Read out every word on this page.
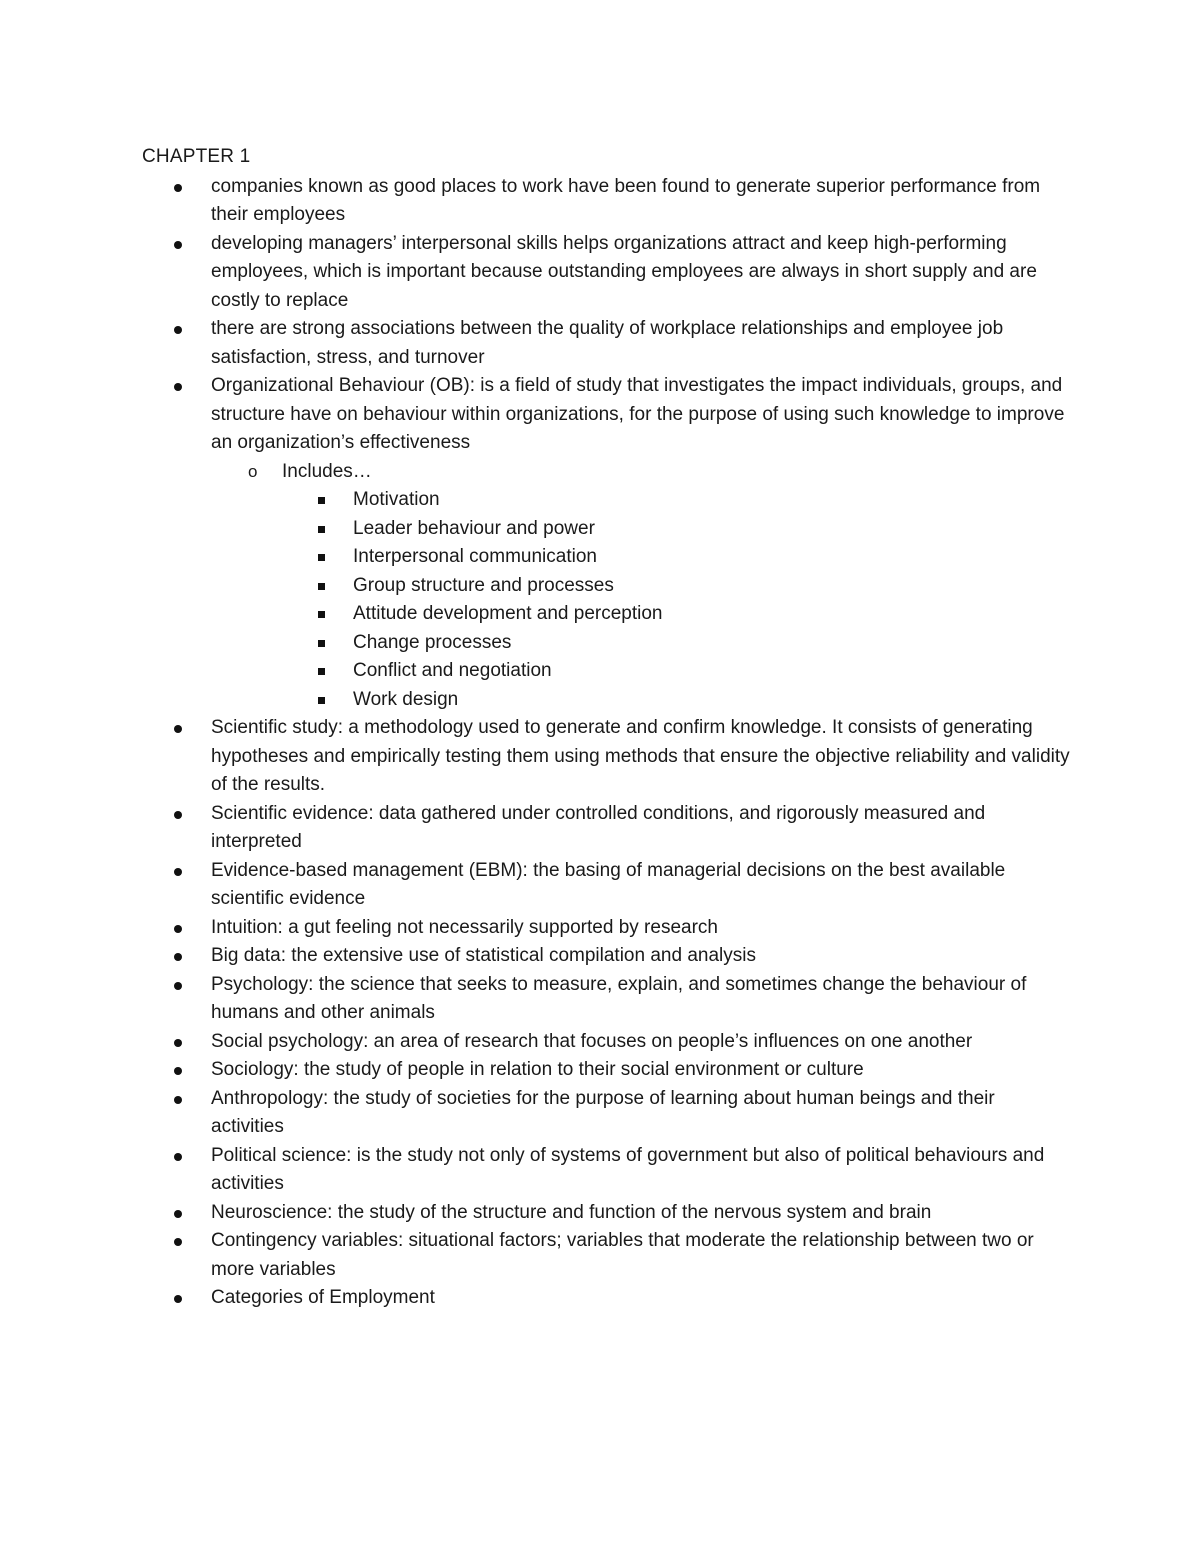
CHAPTER 1
companies known as good places to work have been found to generate superior performance from their employees
developing managers’ interpersonal skills helps organizations attract and keep high-performing employees, which is important because outstanding employees are always in short supply and are costly to replace
there are strong associations between the quality of workplace relationships and employee job satisfaction, stress, and turnover
Organizational Behaviour (OB): is a field of study that investigates the impact individuals, groups, and structure have on behaviour within organizations, for the purpose of using such knowledge to improve an organization’s effectiveness
o Includes…
Motivation
Leader behaviour and power
Interpersonal communication
Group structure and processes
Attitude development and perception
Change processes
Conflict and negotiation
Work design
Scientific study: a methodology used to generate and confirm knowledge. It consists of generating hypotheses and empirically testing them using methods that ensure the objective reliability and validity of the results.
Scientific evidence: data gathered under controlled conditions, and rigorously measured and interpreted
Evidence-based management (EBM): the basing of managerial decisions on the best available scientific evidence
Intuition: a gut feeling not necessarily supported by research
Big data: the extensive use of statistical compilation and analysis
Psychology: the science that seeks to measure, explain, and sometimes change the behaviour of humans and other animals
Social psychology: an area of research that focuses on people’s influences on one another
Sociology: the study of people in relation to their social environment or culture
Anthropology: the study of societies for the purpose of learning about human beings and their activities
Political science: is the study not only of systems of government but also of political behaviours and activities
Neuroscience: the study of the structure and function of the nervous system and brain
Contingency variables: situational factors; variables that moderate the relationship between two or more variables
Categories of Employment
